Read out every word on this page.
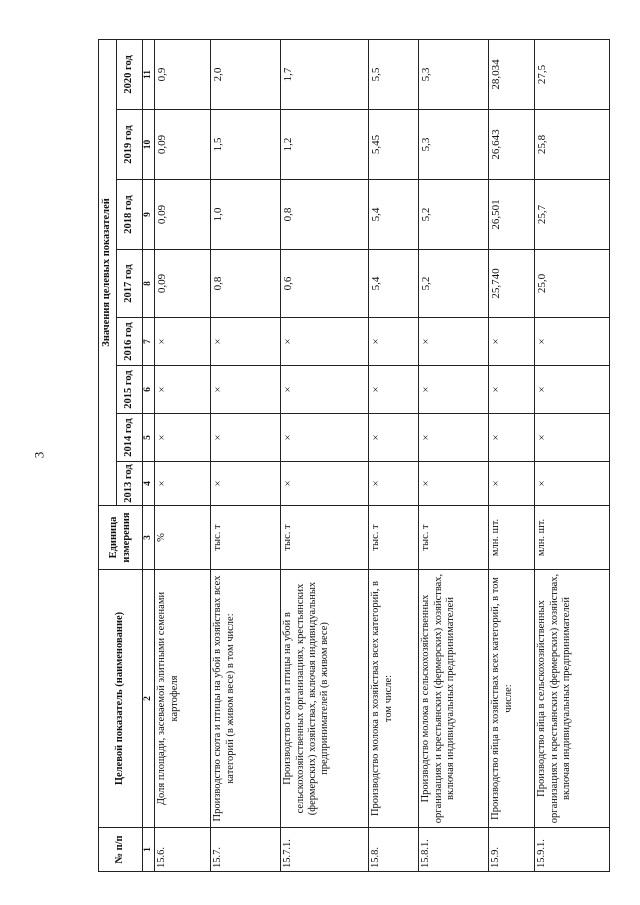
3
№ п/п	Целевой показатель (наименование)	Единица измерения	Значения целевых показателей							
			2013 год	2014 год	2015 год	2016 год	2017 год	2018 год	2019 год	2020 год
1	2	3	4	5	6	7	8	9	10	11
15.6.	Доля площади, засеваемой элитными семенами картофеля	%	×	×	×	×	0,09	0,09	0,09	0,9
15.7.	Производство скота и птицы на убой в хозяйствах всех категорий (в живом весе) в том числе:	тыс. т	×	×	×	×	0,8	1,0	1,5	2,0
15.7.1.	Производство скота и птицы на убой в сельскохозяйственных организациях, крестьянских (фермерских) хозяйствах, включая индивидуальных предпринимателей (в живом весе)	тыс. т	×	×	×	×	0,6	0,8	1,2	1,7
15.8.	Производство молока в хозяйствах всех категорий, в том числе:	тыс. т	×	×	×	×	5,4	5,4	5,45	5,5
15.8.1.	Производство молока в сельскохозяйственных организациях и крестьянских (фермерских) хозяйствах, включая индивидуальных предпринимателей	тыс. т	×	×	×	×	5,2	5,2	5,3	5,3
15.9.	Производство яйца в хозяйствах всех категорий, в том числе:	млн. шт.	×	×	×	×	25,740	26,501	26,643	28,034
15.9.1.	Производство яйца в сельскохозяйственных организациях и крестьянских (фермерских) хозяйствах, включая индивидуальных предпринимателей	млн. шт.	×	×	×	×	25,0	25,7	25,8	27,5
